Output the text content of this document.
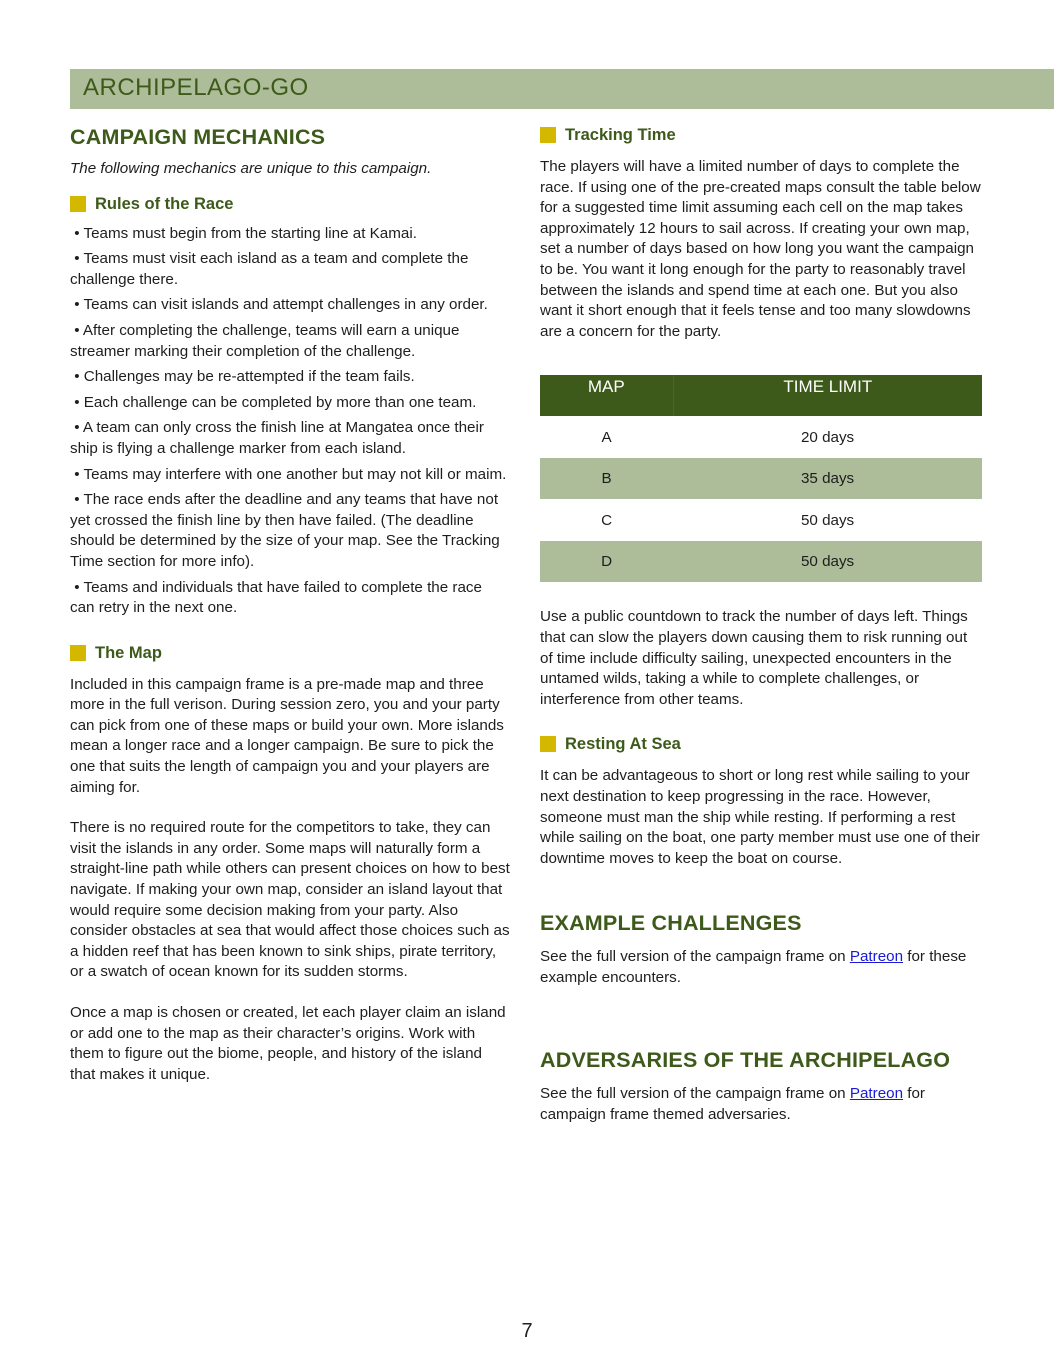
ARCHIPELAGO-GO
CAMPAIGN MECHANICS

The following mechanics are unique to this campaign.

Rules of the Race

• Teams must begin from the starting line at Kamai.

• Teams must visit each island as a team and complete the challenge there.

• Teams can visit islands and attempt challenges in any order.

• After completing the challenge, teams will earn a unique streamer marking their completion of the challenge.

• Challenges may be re-attempted if the team fails.

• Each challenge can be completed by more than one team.

• A team can only cross the finish line at Mangatea once their ship is flying a challenge marker from each island.

• Teams may interfere with one another but may not kill or maim.

• The race ends after the deadline and any teams that have not yet crossed the finish line by then have failed. (The deadline should be determined by the size of your map. See the Tracking Time section for more info).

• Teams and individuals that have failed to complete the race can retry in the next one.

The Map

Included in this campaign frame is a pre-made map and three more in the full verison. During session zero, you and your party can pick from one of these maps or build your own. More islands mean a longer race and a longer campaign. Be sure to pick the one that suits the length of campaign you and your players are aiming for.

There is no required route for the competitors to take, they can visit the islands in any order. Some maps will naturally form a straight-line path while others can present choices on how to best navigate. If making your own map, consider an island layout that would require some decision making from your party. Also consider obstacles at sea that would affect those choices such as a hidden reef that has been known to sink ships, pirate territory, or a swatch of ocean known for its sudden storms.

Once a map is chosen or created, let each player claim an island or add one to the map as their character’s origins. Work with them to figure out the biome, people, and history of the island that makes it unique.

Tracking Time

The players will have a limited number of days to complete the race. If using one of the pre-created maps consult the table below for a suggested time limit assuming each cell on the map takes approximately 12 hours to sail across. If creating your own map, set a number of days based on how long you want the campaign to be. You want it long enough for the party to reasonably travel between the islands and spend time at each one. But you also want it short enough that it feels tense and too many slowdowns are a concern for the party.

MAP	TIME LIMIT
A	20 days
B	35 days
C	50 days
D	50 days

Use a public countdown to track the number of days left. Things that can slow the players down causing them to risk running out of time include difficulty sailing, unexpected encounters in the untamed wilds, taking a while to complete challenges, or interference from other teams.

Resting At Sea

It can be advantageous to short or long rest while sailing to your next destination to keep progressing in the race. However, someone must man the ship while resting. If performing a rest while sailing on the boat, one party member must use one of their downtime moves to keep the boat on course.

EXAMPLE CHALLENGES

See the full version of the campaign frame on Patreon for these example encounters.

ADVERSARIES OF THE ARCHIPELAGO

See the full version of the campaign frame on Patreon for campaign frame themed adversaries.

7
